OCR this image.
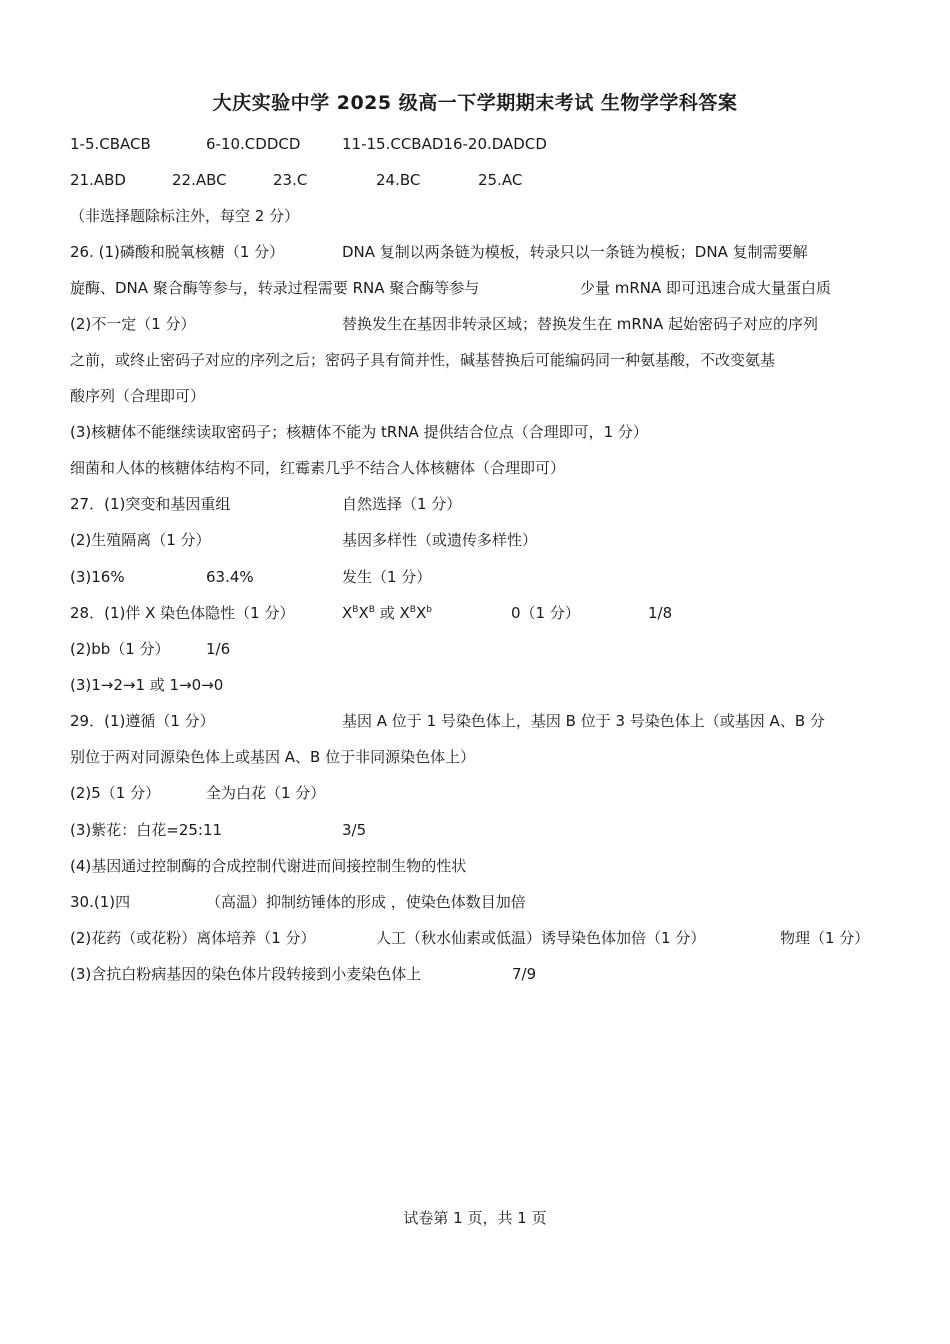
大庆实验中学 2025 级高一下学期期末考试 生物学学科答案
1-5.CBACB	6-10.CDDCD	11-15.CCBAD16-20.DADCD
21.ABD	22.ABC	23.C	24.BC	25.AC
（非选择题除标注外，每空 2 分）
26. (1)磷酸和脱氧核糖（1 分）	DNA 复制以两条链为模板，转录只以一条链为模板；DNA 复制需要解
旋酶、DNA 聚合酶等参与，转录过程需要 RNA 聚合酶等参与	少量 mRNA 即可迅速合成大量蛋白质
(2)不一定（1 分）	替换发生在基因非转录区域；替换发生在 mRNA 起始密码子对应的序列
之前，或终止密码子对应的序列之后；密码子具有简并性，碱基替换后可能编码同一种氨基酸，不改变氨基
酸序列（合理即可）
(3)核糖体不能继续读取密码子；核糖体不能为 tRNA 提供结合位点（合理即可，1 分）
细菌和人体的核糖体结构不同，红霉素几乎不结合人体核糖体（合理即可）
27．(1)突变和基因重组	自然选择（1 分）
(2)生殖隔离（1 分）	基因多样性（或遗传多样性）
(3)16%	63.4%	发生（1 分）
28．(1)伴 X 染色体隐性（1 分）	$X^BX^B$ 或 $X^BX^b$	0（1 分）	1/8
(2)bb（1 分） 1/6
(3)1→2→1 或 1→0→0
29．(1)遵循（1 分）	基因 A 位于 1 号染色体上，基因 B 位于 3 号染色体上（或基因 A、B 分
别位于两对同源染色体上或基因 A、B 位于非同源染色体上）
(2)5（1 分）	全为白花（1 分）
(3)紫花：白花=25:11	3/5
(4)基因通过控制酶的合成控制代谢进而间接控制生物的性状
30.(1)四	（高温）抑制纺锤体的形成 ，使染色体数目加倍
(2)花药（或花粉）离体培养（1 分）	人工（秋水仙素或低温）诱导染色体加倍（1 分）	物理（1 分）
(3)含抗白粉病基因的染色体片段转接到小麦染色体上	7/9
试卷第 1 页，共 1 页
